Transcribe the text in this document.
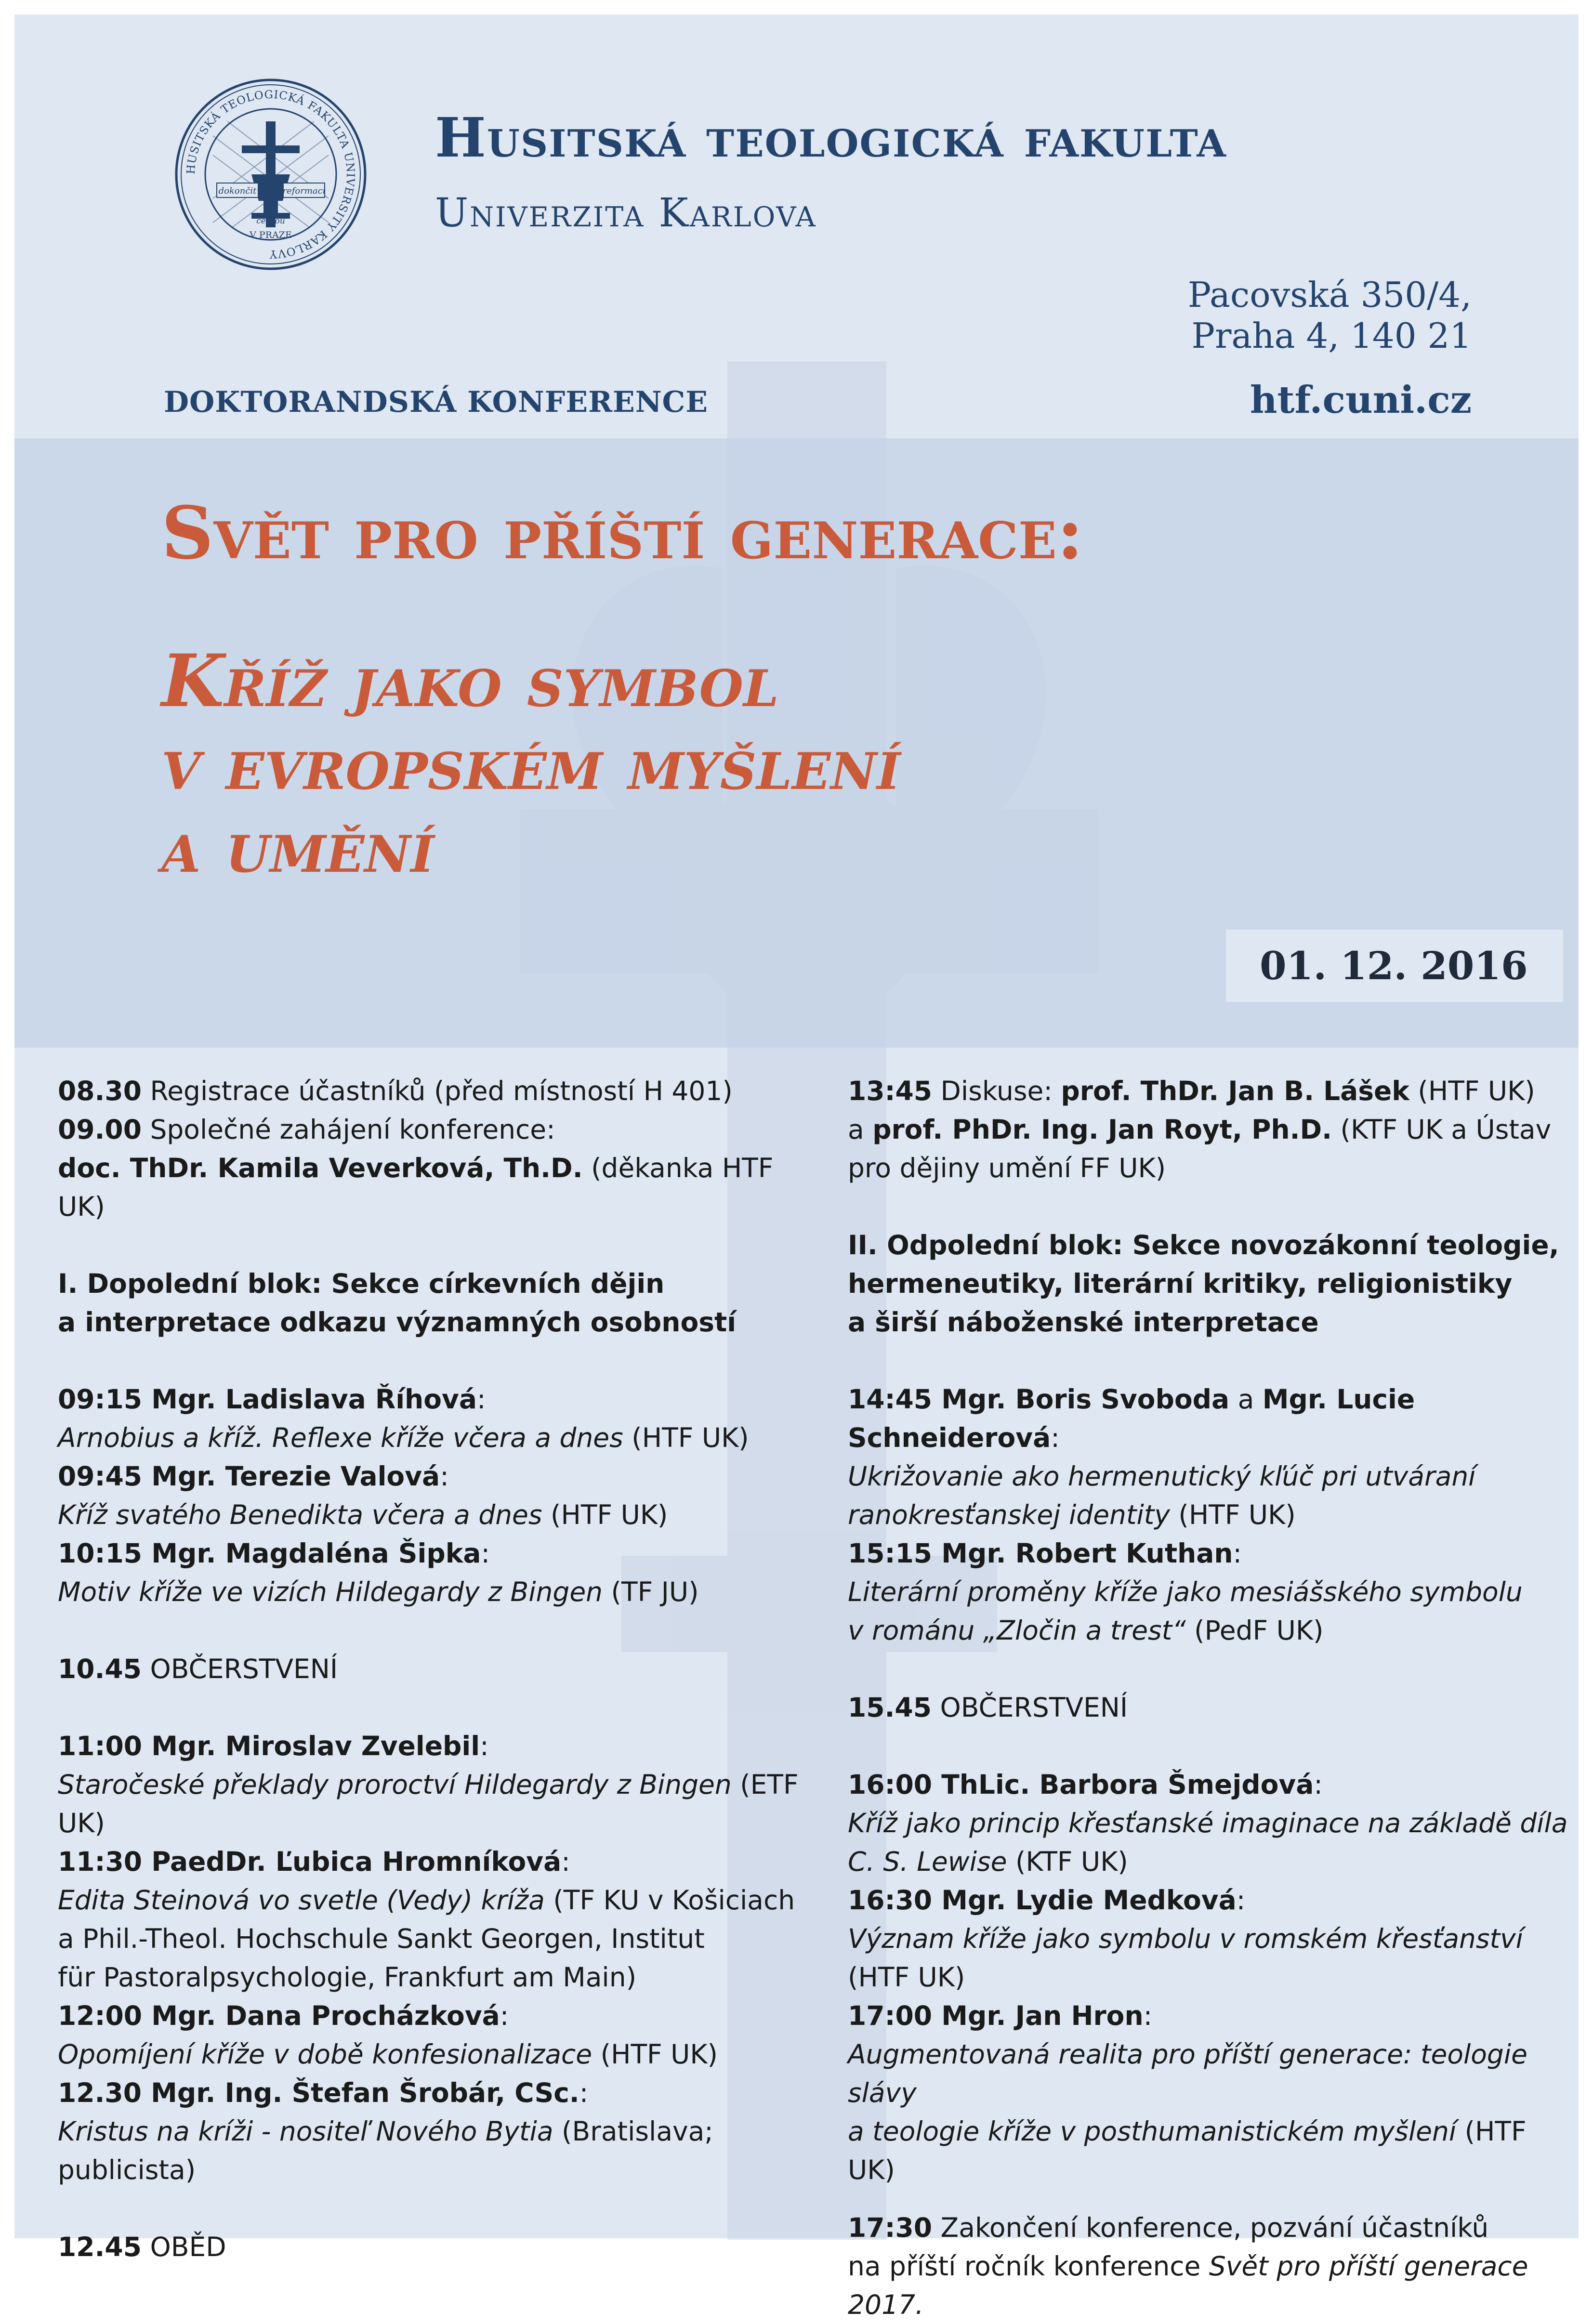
HUSITSKÁ TEOLOGICKÁ FAKULTA UNIVERSITY KARLOVY
dokončit	reformaci
českou
V PRAZE
Husitská teologická fakulta
Univerzita Karlova
Pacovská 350/4,
Praha 4, 140 21
htf.cuni.cz
DOKTORANDSKÁ KONFERENCE
Svět pro příští generace:
Kříž jako symbol
v evropském myšlení
a umění
01. 12. 2016
08.30 Registrace účastníků (před místností H 401)
09.00 Společné zahájení konference:
doc. ThDr. Kamila Veverková, Th.D. (děkanka HTF UK)
I. Dopolední blok: Sekce církevních dějin
a interpretace odkazu významných osobností
09:15 Mgr. Ladislava Říhová:
Arnobius a kříž. Reflexe kříže včera a dnes (HTF UK)
09:45 Mgr. Terezie Valová:
Kříž svatého Benedikta včera a dnes (HTF UK)
10:15 Mgr. Magdaléna Šipka:
Motiv kříže ve vizích Hildegardy z Bingen (TF JU)
10.45 OBČERSTVENÍ
11:00 Mgr. Miroslav Zvelebil:
Staročeské překlady proroctví Hildegardy z Bingen (ETF UK)
11:30 PaedDr. Ľubica Hromníková:
Edita Steinová vo svetle (Vedy) kríža (TF KU v Košiciach
a Phil.-Theol. Hochschule Sankt Georgen, Institut
für Pastoralpsychologie, Frankfurt am Main)
12:00 Mgr. Dana Procházková:
Opomíjení kříže v době konfesionalizace (HTF UK)
12.30 Mgr. Ing. Štefan Šrobár, CSc.:
Kristus na kríži - nositeľ Nového Bytia (Bratislava; publicista)
12.45 OBĚD
13:45 Diskuse: prof. ThDr. Jan B. Lášek (HTF UK)
a prof. PhDr. Ing. Jan Royt, Ph.D. (KTF UK a Ústav
pro dějiny umění FF UK)
II. Odpolední blok: Sekce novozákonní teologie,
hermeneutiky, literární kritiky, religionistiky
a širší náboženské interpretace
14:45 Mgr. Boris Svoboda a Mgr. Lucie Schneiderová:
Ukrižovanie ako hermenutický kľúč pri utváraní
ranokresťanskej identity (HTF UK)
15:15 Mgr. Robert Kuthan:
Literární proměny kříže jako mesiášského symbolu
v románu „Zločin a trest“ (PedF UK)
15.45 OBČERSTVENÍ
16:00 ThLic. Barbora Šmejdová:
Kříž jako princip křesťanské imaginace na základě díla
C. S. Lewise (KTF UK)
16:30 Mgr. Lydie Medková:
Význam kříže jako symbolu v romském křesťanství
(HTF UK)
17:00 Mgr. Jan Hron:
Augmentovaná realita pro příští generace: teologie slávy
a teologie kříže v posthumanistickém myšlení (HTF UK)
17:30 Zakončení konference, pozvání účastníků
na příští ročník konference Svět pro příští generace
2017.
